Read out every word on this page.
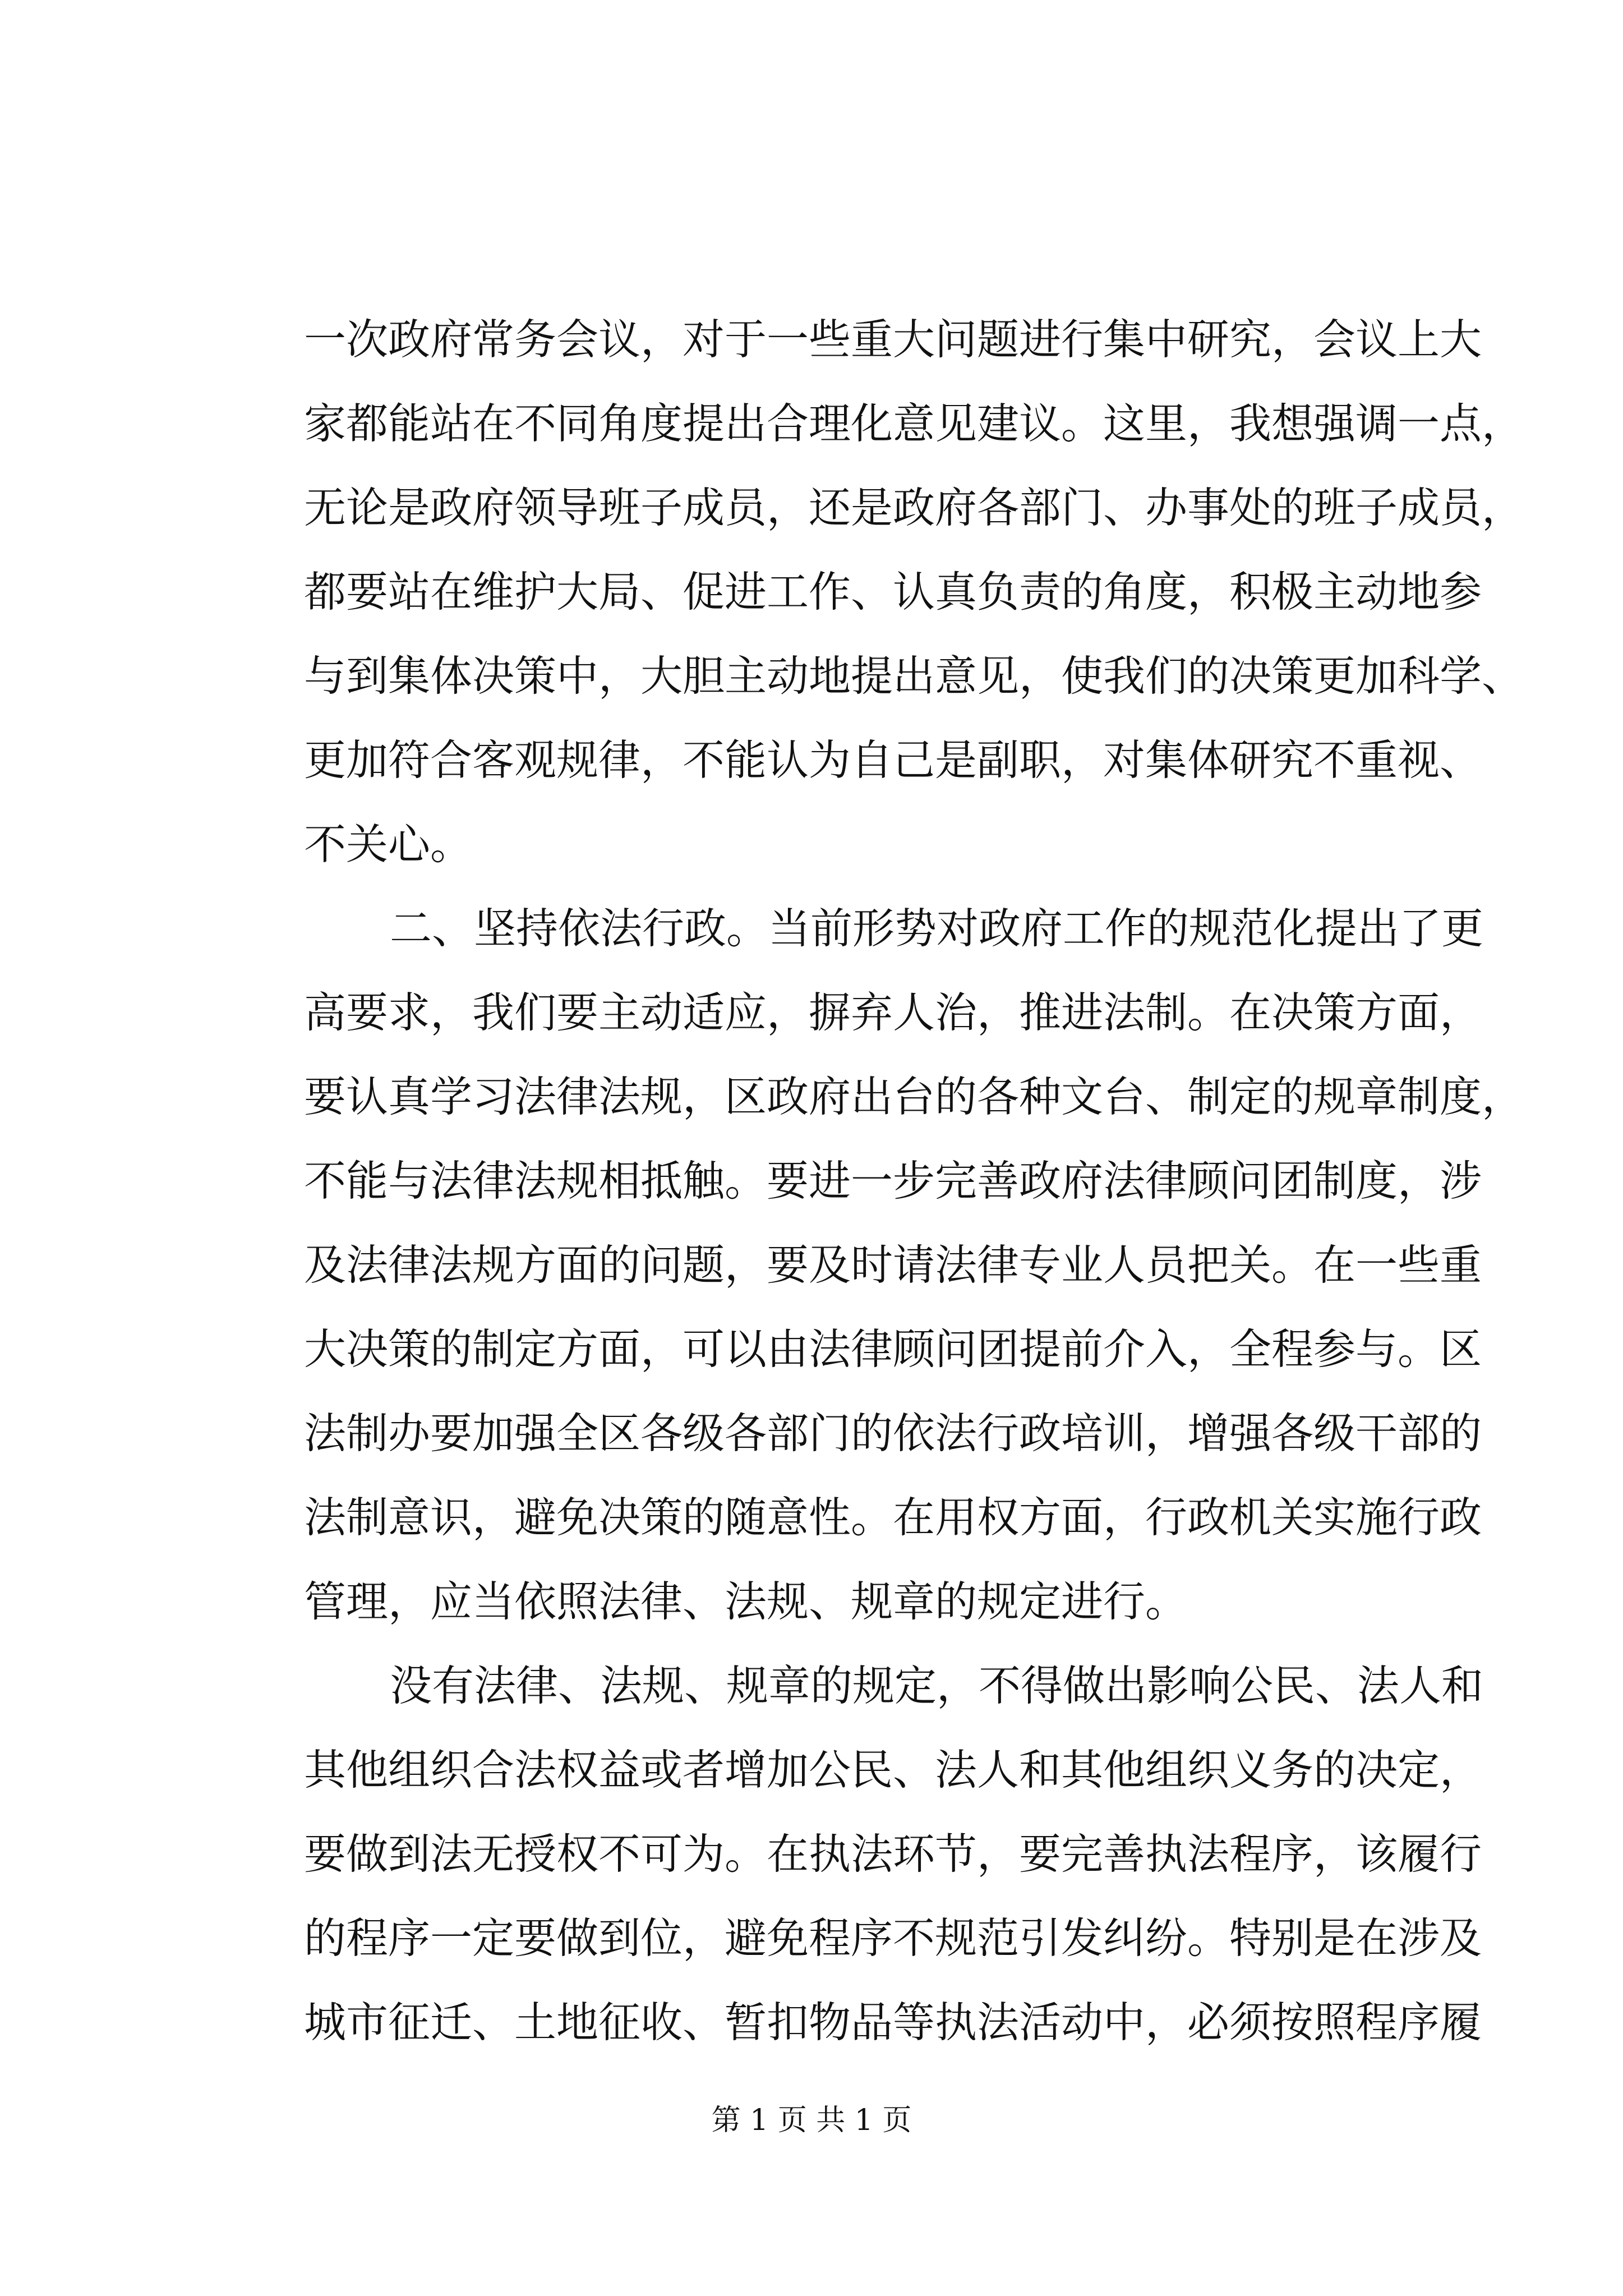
一次政府常务会议，对于一些重大问题进行集中研究，会议上大
家都能站在不同角度提出合理化意见建议。这里，我想强调一点，
无论是政府领导班子成员，还是政府各部门、办事处的班子成员，
都要站在维护大局、促进工作、认真负责的角度，积极主动地参
与到集体决策中，大胆主动地提出意见，使我们的决策更加科学、
更加符合客观规律，不能认为自己是副职，对集体研究不重视、
不关心。
二、坚持依法行政。当前形势对政府工作的规范化提出了更
高要求，我们要主动适应，摒弃人治，推进法制。在决策方面，
要认真学习法律法规，区政府出台的各种文台、制定的规章制度，
不能与法律法规相抵触。要进一步完善政府法律顾问团制度，涉
及法律法规方面的问题，要及时请法律专业人员把关。在一些重
大决策的制定方面，可以由法律顾问团提前介入，全程参与。区
法制办要加强全区各级各部门的依法行政培训，增强各级干部的
法制意识，避免决策的随意性。在用权方面，行政机关实施行政
管理，应当依照法律、法规、规章的规定进行。
没有法律、法规、规章的规定，不得做出影响公民、法人和
其他组织合法权益或者增加公民、法人和其他组织义务的决定，
要做到法无授权不可为。在执法环节，要完善执法程序，该履行
的程序一定要做到位，避免程序不规范引发纠纷。特别是在涉及
城市征迁、土地征收、暂扣物品等执法活动中，必须按照程序履
第 1 页 共 1 页
